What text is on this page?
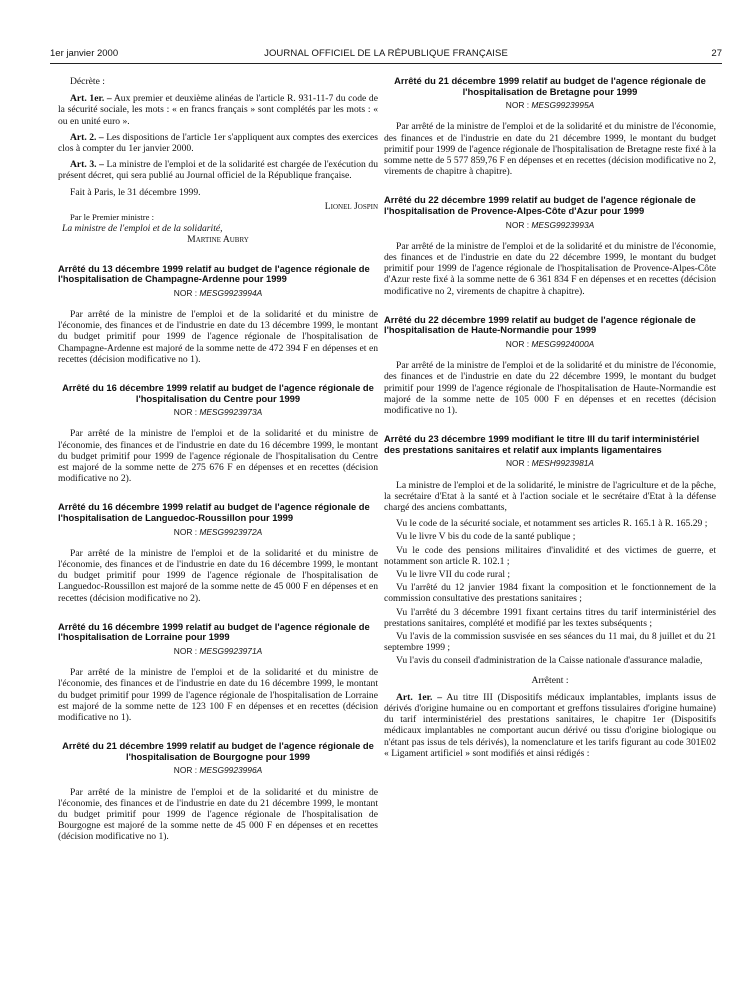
1er janvier 2000	JOURNAL OFFICIEL DE LA RÉPUBLIQUE FRANÇAISE	27

Décrète :

Art. 1er. – Aux premier et deuxième alinéas de l'article R. 931-11-7 du code de la sécurité sociale, les mots : « en francs français » sont complétés par les mots : « ou en unité euro ».

Art. 2. – Les dispositions de l'article 1er s'appliquent aux comptes des exercices clos à compter du 1er janvier 2000.

Art. 3. – La ministre de l'emploi et de la solidarité est chargée de l'exécution du présent décret, qui sera publié au Journal officiel de la République française.

Fait à Paris, le 31 décembre 1999.

Lionel Jospin

Par le Premier ministre :

La ministre de l'emploi et de la solidarité,

Martine Aubry

Arrêté du 13 décembre 1999 relatif au budget de l'agence régionale de l'hospitalisation de Champagne-Ardenne pour 1999

NOR : MESG9923994A

Par arrêté de la ministre de l'emploi et de la solidarité et du ministre de l'économie, des finances et de l'industrie en date du 13 décembre 1999, le montant du budget primitif pour 1999 de l'agence régionale de l'hospitalisation de Champagne-Ardenne est majoré de la somme nette de 472 394 F en dépenses et en recettes (décision modificative no 1).

Arrêté du 16 décembre 1999 relatif au budget de l'agence régionale de l'hospitalisation du Centre pour 1999

NOR : MESG9923973A

Par arrêté de la ministre de l'emploi et de la solidarité et du ministre de l'économie, des finances et de l'industrie en date du 16 décembre 1999, le montant du budget primitif pour 1999 de l'agence régionale de l'hospitalisation du Centre est majoré de la somme nette de 275 676 F en dépenses et en recettes (décision modificative no 2).

Arrêté du 16 décembre 1999 relatif au budget de l'agence régionale de l'hospitalisation de Languedoc-Roussillon pour 1999

NOR : MESG9923972A

Par arrêté de la ministre de l'emploi et de la solidarité et du ministre de l'économie, des finances et de l'industrie en date du 16 décembre 1999, le montant du budget primitif pour 1999 de l'agence régionale de l'hospitalisation de Languedoc-Roussillon est majoré de la somme nette de 45 000 F en dépenses et en recettes (décision modificative no 2).

Arrêté du 16 décembre 1999 relatif au budget de l'agence régionale de l'hospitalisation de Lorraine pour 1999

NOR : MESG9923971A

Par arrêté de la ministre de l'emploi et de la solidarité et du ministre de l'économie, des finances et de l'industrie en date du 16 décembre 1999, le montant du budget primitif pour 1999 de l'agence régionale de l'hospitalisation de Lorraine est majoré de la somme nette de 123 100 F en dépenses et en recettes (décision modificative no 1).

Arrêté du 21 décembre 1999 relatif au budget de l'agence régionale de l'hospitalisation de Bourgogne pour 1999

NOR : MESG9923996A

Par arrêté de la ministre de l'emploi et de la solidarité et du ministre de l'économie, des finances et de l'industrie en date du 21 décembre 1999, le montant du budget primitif pour 1999 de l'agence régionale de l'hospitalisation de Bourgogne est majoré de la somme nette de 45 000 F en dépenses et en recettes (décision modificative no 1).

Arrêté du 21 décembre 1999 relatif au budget de l'agence régionale de l'hospitalisation de Bretagne pour 1999

NOR : MESG9923995A

Par arrêté de la ministre de l'emploi et de la solidarité et du ministre de l'économie, des finances et de l'industrie en date du 21 décembre 1999, le montant du budget primitif pour 1999 de l'agence régionale de l'hospitalisation de Bretagne reste fixé à la somme nette de 5 577 859,76 F en dépenses et en recettes (décision modificative no 2, virements de chapitre à chapitre).

Arrêté du 22 décembre 1999 relatif au budget de l'agence régionale de l'hospitalisation de Provence-Alpes-Côte d'Azur pour 1999

NOR : MESG9923993A

Par arrêté de la ministre de l'emploi et de la solidarité et du ministre de l'économie, des finances et de l'industrie en date du 22 décembre 1999, le montant du budget primitif pour 1999 de l'agence régionale de l'hospitalisation de Provence-Alpes-Côte d'Azur reste fixé à la somme nette de 6 361 834 F en dépenses et en recettes (décision modificative no 2, virements de chapitre à chapitre).

Arrêté du 22 décembre 1999 relatif au budget de l'agence régionale de l'hospitalisation de Haute-Normandie pour 1999

NOR : MESG9924000A

Par arrêté de la ministre de l'emploi et de la solidarité et du ministre de l'économie, des finances et de l'industrie en date du 22 décembre 1999, le montant du budget primitif pour 1999 de l'agence régionale de l'hospitalisation de Haute-Normandie est majoré de la somme nette de 105 000 F en dépenses et en recettes (décision modificative no 1).

Arrêté du 23 décembre 1999 modifiant le titre III du tarif interministériel des prestations sanitaires et relatif aux implants ligamentaires

NOR : MESH9923981A

La ministre de l'emploi et de la solidarité, le ministre de l'agriculture et de la pêche, la secrétaire d'Etat à la santé et à l'action sociale et le secrétaire d'Etat à la défense chargé des anciens combattants,

Vu le code de la sécurité sociale, et notamment ses articles R. 165.1 à R. 165.29 ;

Vu le livre V bis du code de la santé publique ;

Vu le code des pensions militaires d'invalidité et des victimes de guerre, et notamment son article R. 102.1 ;

Vu le livre VII du code rural ;

Vu l'arrêté du 12 janvier 1984 fixant la composition et le fonctionnement de la commission consultative des prestations sanitaires ;

Vu l'arrêté du 3 décembre 1991 fixant certains titres du tarif interministériel des prestations sanitaires, complété et modifié par les textes subséquents ;

Vu l'avis de la commission susvisée en ses séances du 11 mai, du 8 juillet et du 21 septembre 1999 ;

Vu l'avis du conseil d'administration de la Caisse nationale d'assurance maladie,

Arrêtent :

Art. 1er. – Au titre III (Dispositifs médicaux implantables, implants issus de dérivés d'origine humaine ou en comportant et greffons tissulaires d'origine humaine) du tarif interministériel des prestations sanitaires, le chapitre 1er (Dispositifs médicaux implantables ne comportant aucun dérivé ou tissu d'origine biologique ou n'étant pas issus de tels dérivés), la nomenclature et les tarifs figurant au code 301E02 « Ligament artificiel » sont modifiés et ainsi rédigés :
